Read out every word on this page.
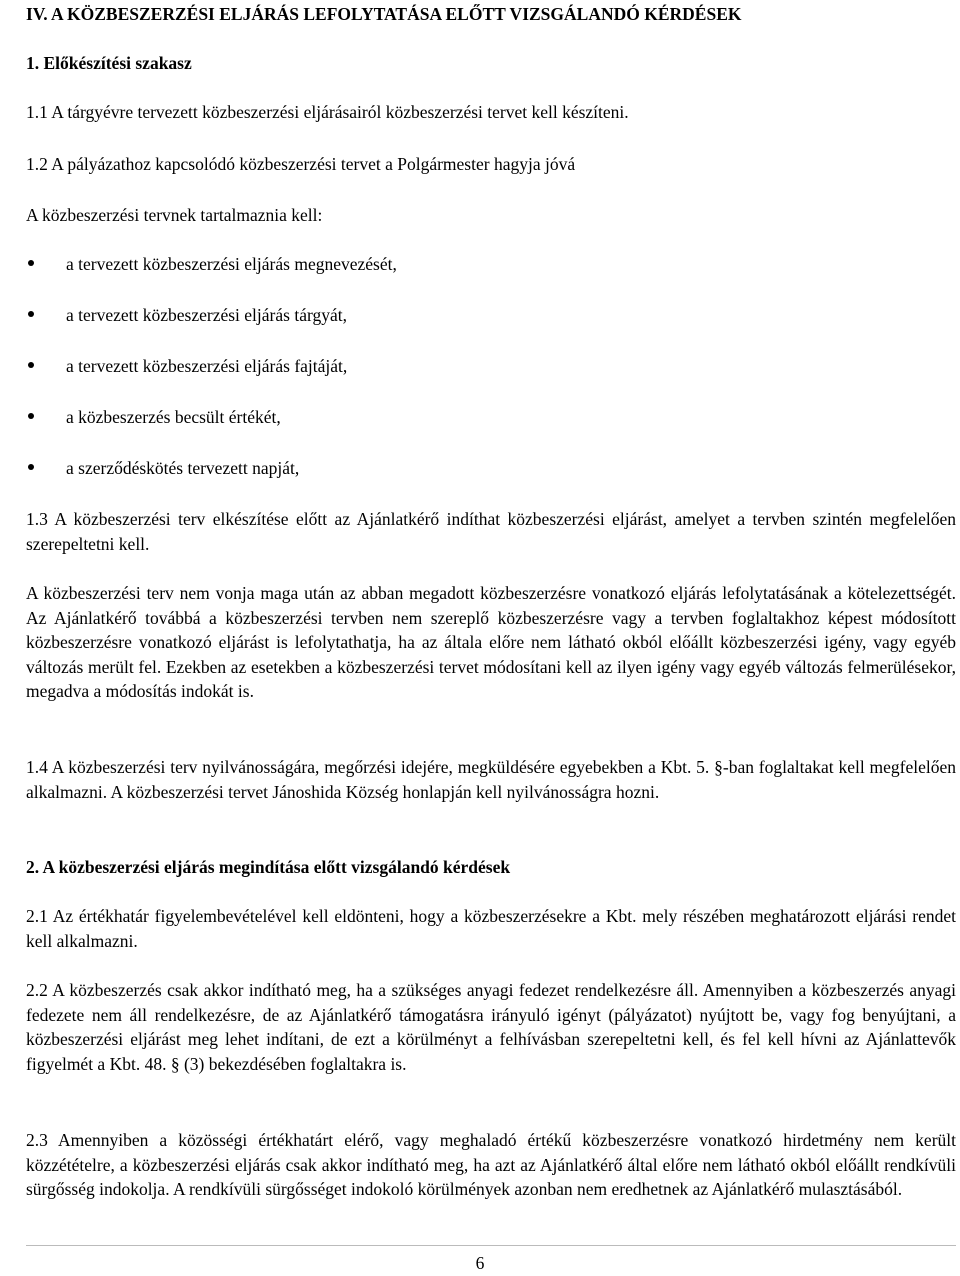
IV. A KÖZBESZERZÉSI ELJÁRÁS LEFOLYTATÁSA ELŐTT VIZSGÁLANDÓ KÉRDÉSEK
1. Előkészítési szakasz
1.1 A tárgyévre tervezett közbeszerzési eljárásairól közbeszerzési tervet kell készíteni.
1.2 A pályázathoz kapcsolódó közbeszerzési tervet a Polgármester hagyja jóvá
A közbeszerzési tervnek tartalmaznia kell:
a tervezett közbeszerzési eljárás megnevezését,
a tervezett közbeszerzési eljárás tárgyát,
a tervezett közbeszerzési eljárás fajtáját,
a közbeszerzés becsült értékét,
a szerződéskötés tervezett napját,
1.3 A közbeszerzési terv elkészítése előtt az Ajánlatkérő indíthat közbeszerzési eljárást, amelyet a tervben szintén megfelelően szerepeltetni kell.
A közbeszerzési terv nem vonja maga után az abban megadott közbeszerzésre vonatkozó eljárás lefolytatásának a kötelezettségét. Az Ajánlatkérő továbbá a közbeszerzési tervben nem szereplő közbeszerzésre vagy a tervben foglaltakhoz képest módosított közbeszerzésre vonatkozó eljárást is lefolytathatja, ha az általa előre nem látható okból előállt közbeszerzési igény, vagy egyéb változás merült fel. Ezekben az esetekben a közbeszerzési tervet módosítani kell az ilyen igény vagy egyéb változás felmerülésekor, megadva a módosítás indokát is.
1.4 A közbeszerzési terv nyilvánosságára, megőrzési idejére, megküldésére egyebekben a Kbt. 5. §-ban foglaltakat kell megfelelően alkalmazni. A közbeszerzési tervet Jánoshida Község honlapján kell nyilvánosságra hozni.
2. A közbeszerzési eljárás megindítása előtt vizsgálandó kérdések
2.1 Az értékhatár figyelembevételével kell eldönteni, hogy a közbeszerzésekre a Kbt. mely részében meghatározott eljárási rendet kell alkalmazni.
2.2 A közbeszerzés csak akkor indítható meg, ha a szükséges anyagi fedezet rendelkezésre áll. Amennyiben a közbeszerzés anyagi fedezete nem áll rendelkezésre, de az Ajánlatkérő támogatásra irányuló igényt (pályázatot) nyújtott be, vagy fog benyújtani, a közbeszerzési eljárást meg lehet indítani, de ezt a körülményt a felhívásban szerepeltetni kell, és fel kell hívni az Ajánlattevők figyelmét a Kbt. 48. § (3) bekezdésében foglaltakra is.
2.3 Amennyiben a közösségi értékhatárt elérő, vagy meghaladó értékű közbeszerzésre vonatkozó hirdetmény nem került közzétételre, a közbeszerzési eljárás csak akkor indítható meg, ha azt az Ajánlatkérő által előre nem látható okból előállt rendkívüli sürgősség indokolja. A rendkívüli sürgősséget indokoló körülmények azonban nem eredhetnek az Ajánlatkérő mulasztásából.
6
